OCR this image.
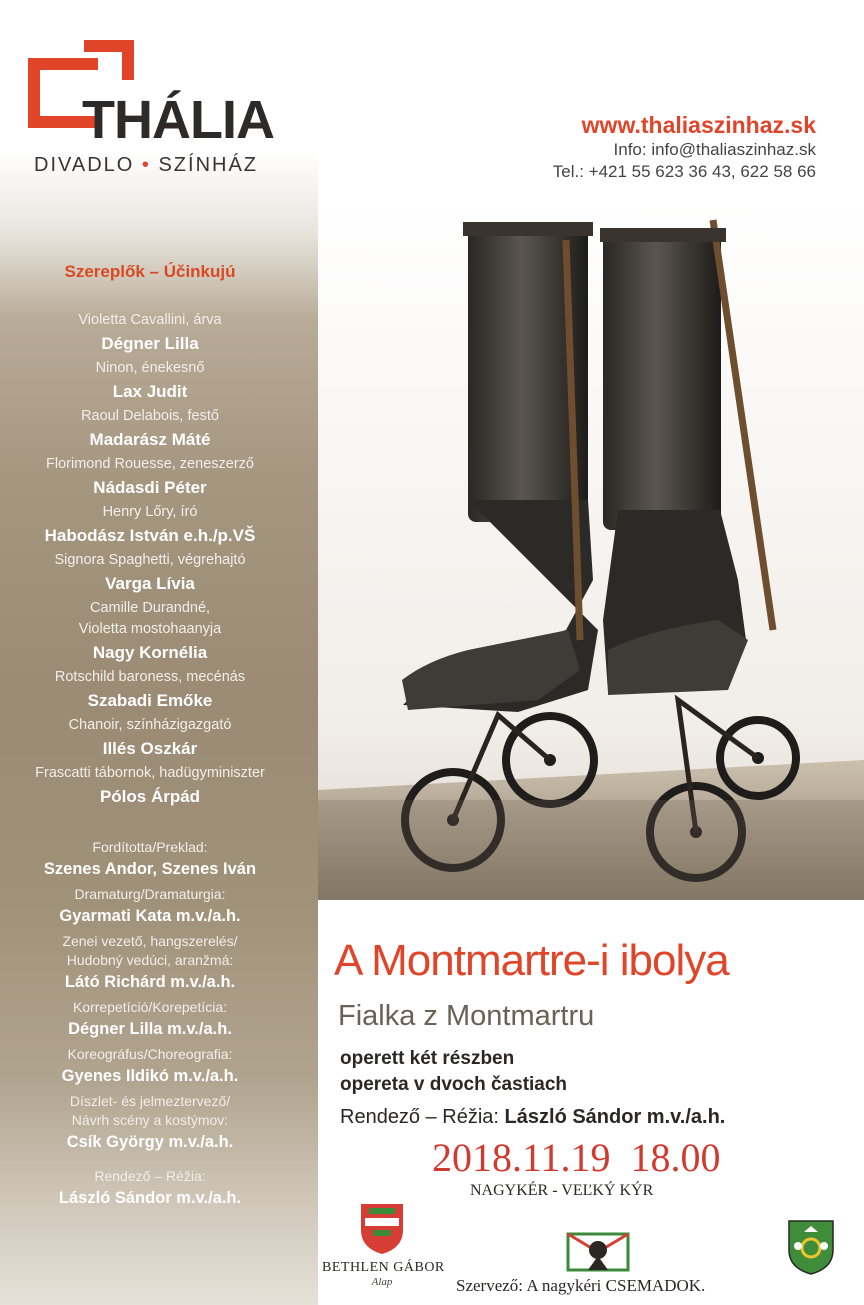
THÁLIA
DIVADLO • SZÍNHÁZ
Szereplők – Účinkujú
Violetta Cavallini, árva
Dégner Lilla
Ninon, énekesnő
Lax Judit
Raoul Delabois, festő
Madarász Máté
Florimond Rouesse, zeneszerző
Nádasdi Péter
Henry Lőry, író
Habodász István e.h./p.VŠ
Signora Spaghetti, végrehajtó
Varga Lívia
Camille Durandné,
Violetta mostohaanyja
Nagy Kornélia
Rotschild baroness, mecénás
Szabadi Emőke
Chanoir, színházigazgató
Illés Oszkár
Frascatti tábornok, hadügyminiszter
Pólos Árpád
Fordította/Preklad:
Szenes Andor, Szenes Iván
Dramaturg/Dramaturgia:
Gyarmati Kata m.v./a.h.
Zenei vezető, hangszerelés/
Hudobný vedúci, aranžmá:
Látó Richárd m.v./a.h.
Korrepetíció/Korepetícia:
Dégner Lilla m.v./a.h.
Koreográfus/Choreografia:
Gyenes Ildikó m.v./a.h.
Díszlet- és jelmeztervező/
Návrh scény a kostýmov:
Csík György m.v./a.h.
Rendező – Réžia:
László Sándor m.v./a.h.
www.thaliaszinhaz.sk
Info: info@thaliaszinhaz.sk
Tel.: +421 55 623 36 43, 622 58 66
Kálmán Imre – Julius Brammer – Alfred Grünwald
A Montmartre-i ibolya
Fialka z Montmartru
operett két részben
opereta v dvoch častiach
Rendező – Réžia: László Sándor m.v./a.h.
2018.11.19  18.00
NAGYKÉR - VEĽKÝ KÝR
BETHLEN GÁBOR
Alap	Szervező: A nagykéri CSEMADOK.
